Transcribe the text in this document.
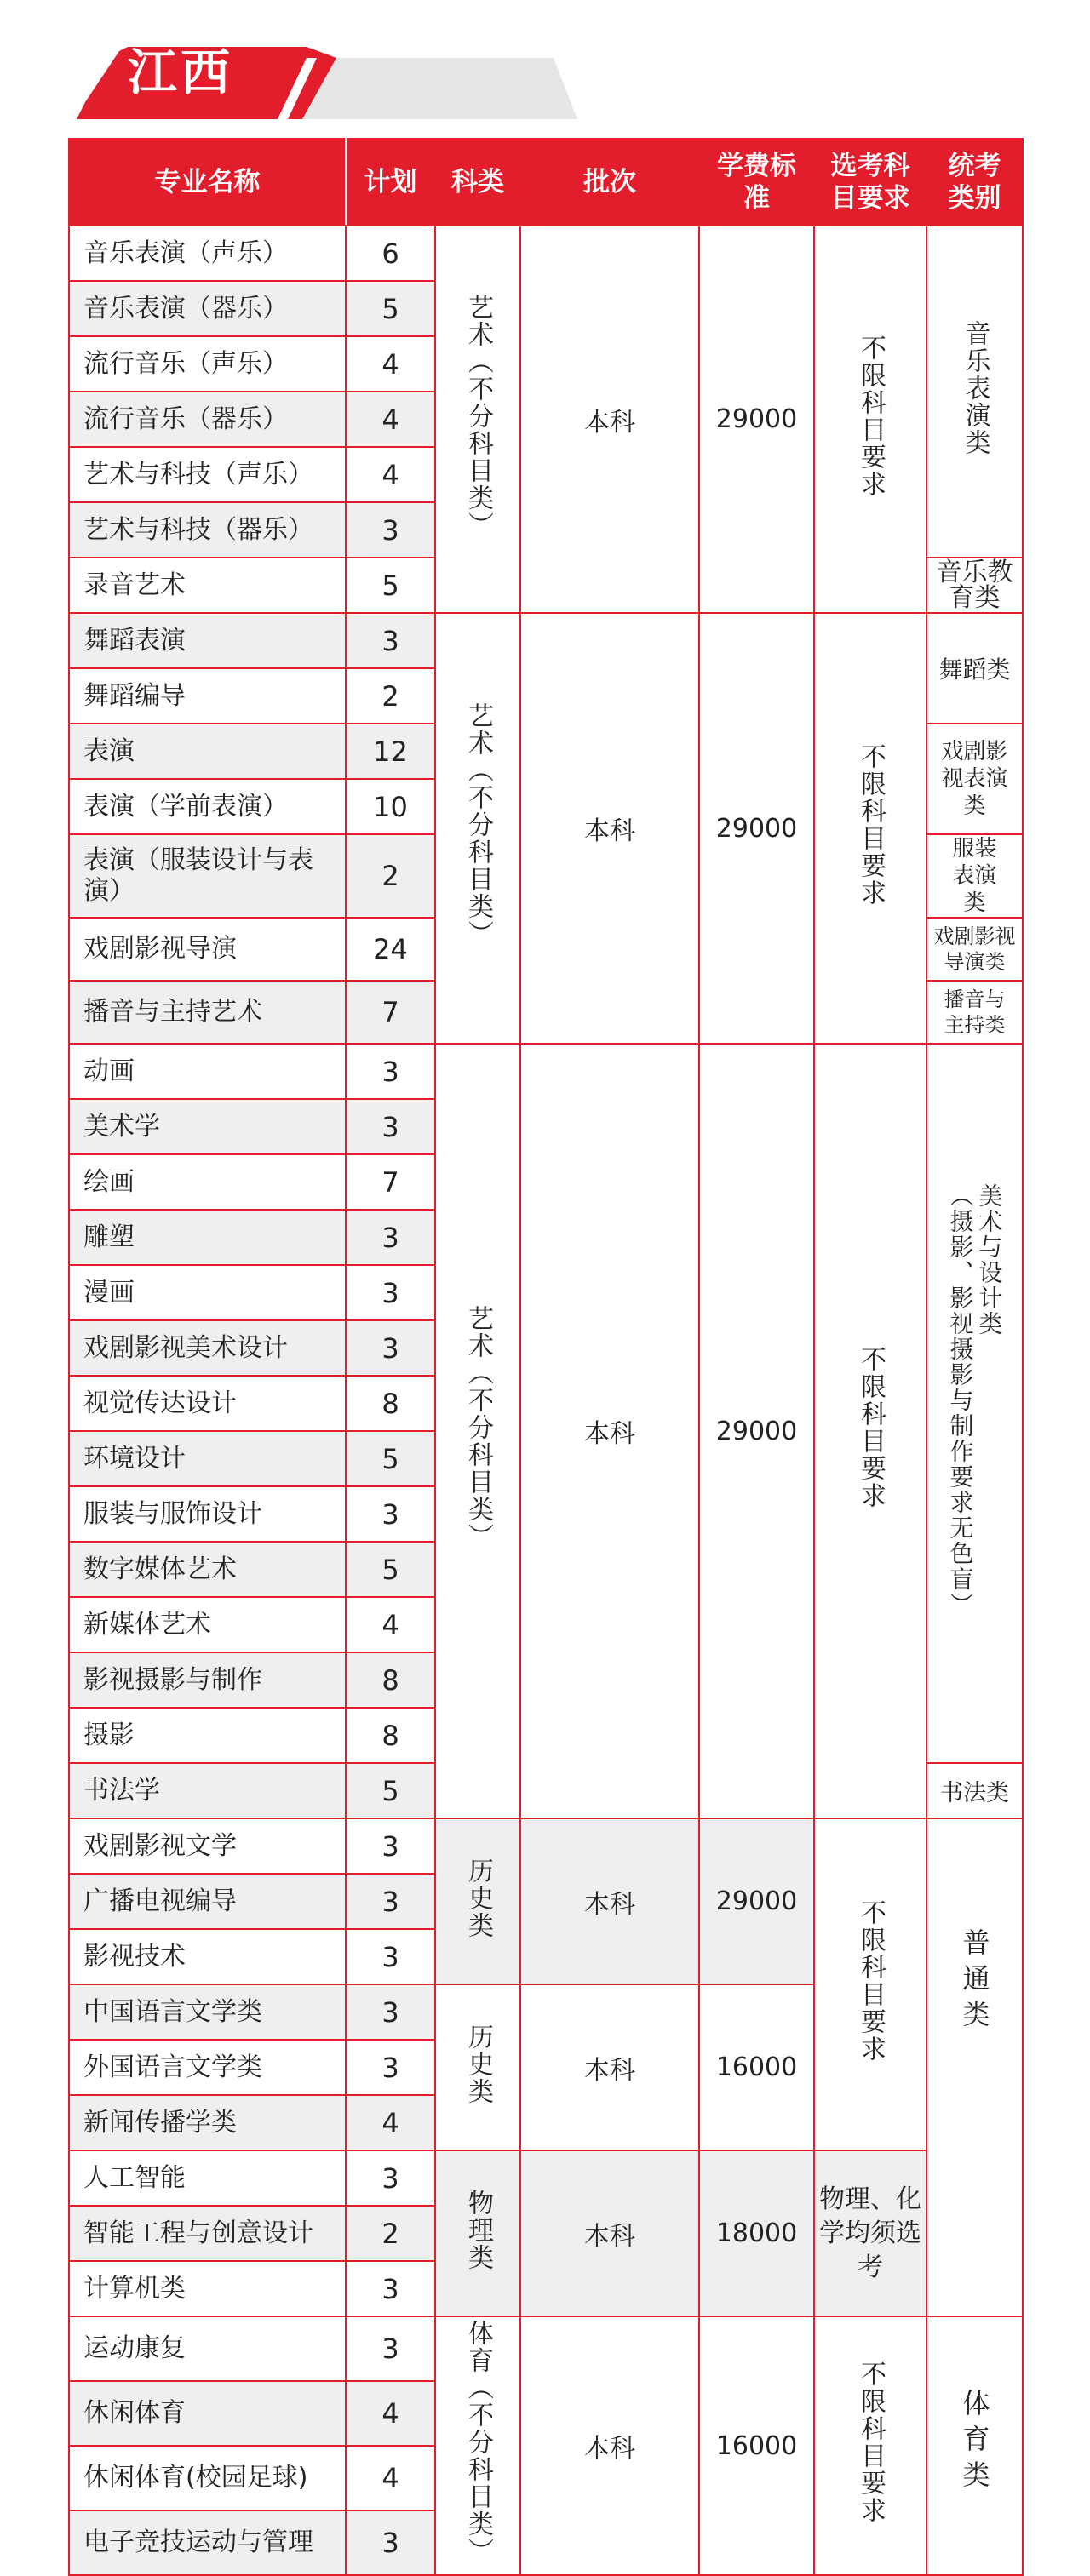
江西
专业名称	计划	科类	批次	学费标准	选考科目要求	统考类别

音乐表演（声乐）	6	艺术（不分科目类）	本科	29000	不限科目要求	音乐表演类
音乐表演（器乐）	5					
流行音乐（声乐）	4					
流行音乐（器乐）	4					
艺术与科技（声乐）	4					
艺术与科技（器乐）	3					
录音艺术	5					音乐教育类
舞蹈表演	3	艺术（不分科目类）	本科	29000	不限科目要求	舞蹈类
舞蹈编导	2					
表演	12					戏剧影视表演类

表演（学前表演）	10					

表演（服装设计与表演）	2					服装表演类

戏剧影视导演	24					戏剧影视导演类

播音与主持艺术	7					播音与主持类

动画	3	艺术（不分科目类）	本科	29000	不限科目要求	（摄影、影视摄影与制作要求无色盲）美术与设计类
美术学	3					
绘画	7					
雕塑	3					
漫画	3					
戏剧影视美术设计	3					
视觉传达设计	8					
环境设计	5					
服装与服饰设计	3					
数字媒体艺术	5					
新媒体艺术	4					
影视摄影与制作	8					
摄影	8					
书法学	5					书法类
戏剧影视文学	3	历史类	本科	29000	不限科目要求	普通类
广播电视编导	3					
影视技术	3					
中国语言文学类	3	历史类	本科	16000		
外国语言文学类	3					
新闻传播学类	4					
人工智能	3	物理类	本科	18000	物理、化学均须选考	

智能工程与创意设计	2					
计算机类	3					
运动康复	3	体育（不分科目类）	本科	16000	不限科目要求	体育类
休闲体育	4					
休闲体育(校园足球)	4					
电子竞技运动与管理	3					
